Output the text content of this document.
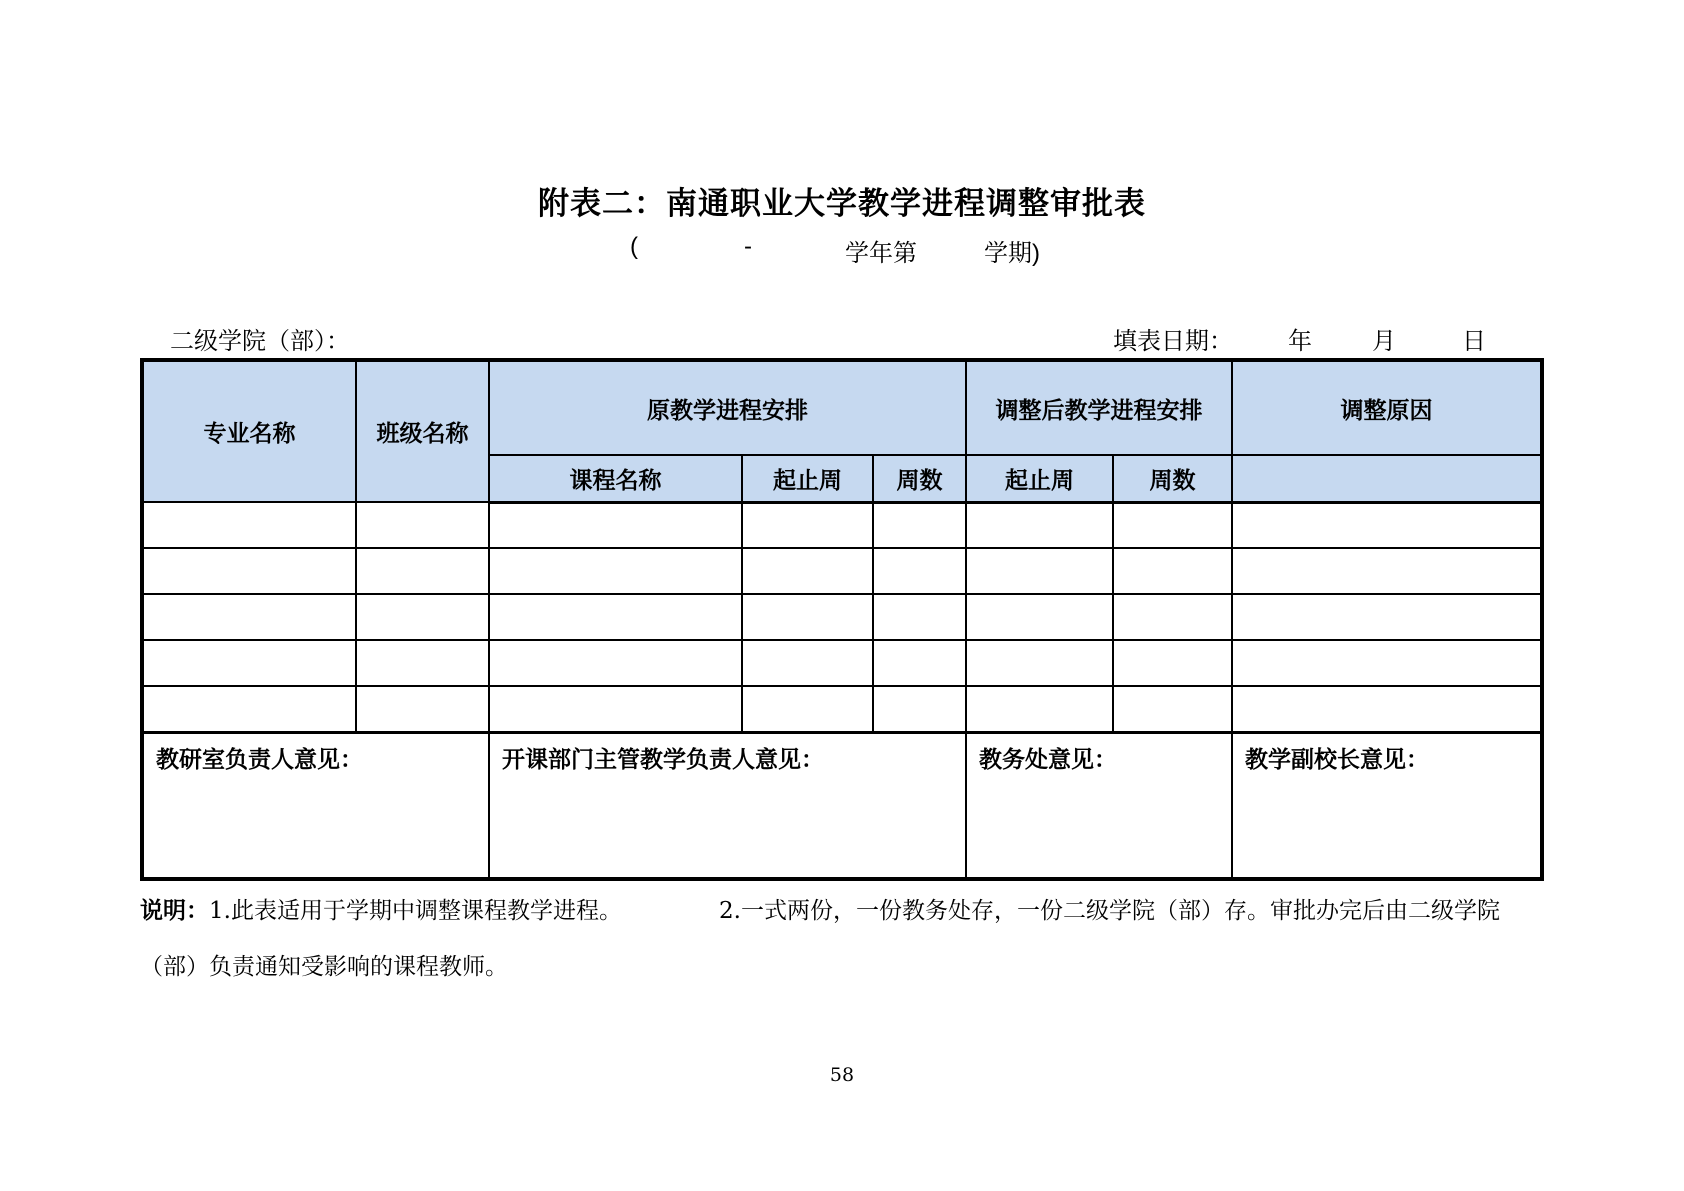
附表二：南通职业大学教学进程调整审批表
(	-	学年第	学期)
二级学院（部）：	填表日期： 年	月	日
专业名称	班级名称	原教学进程安排			调整后教学进程安排		调整原因
		课程名称	起止周	周数	起止周	周数	

教研室负责人意见：		开课部门主管教学负责人意见：			教务处意见：		教学副校长意见：
说明：1.此表适用于学期中调整课程教学进程。	2.一式两份，一份教务处存，一份二级学院（部）存。审批办完后由二级学院
（部）负责通知受影响的课程教师。
58
